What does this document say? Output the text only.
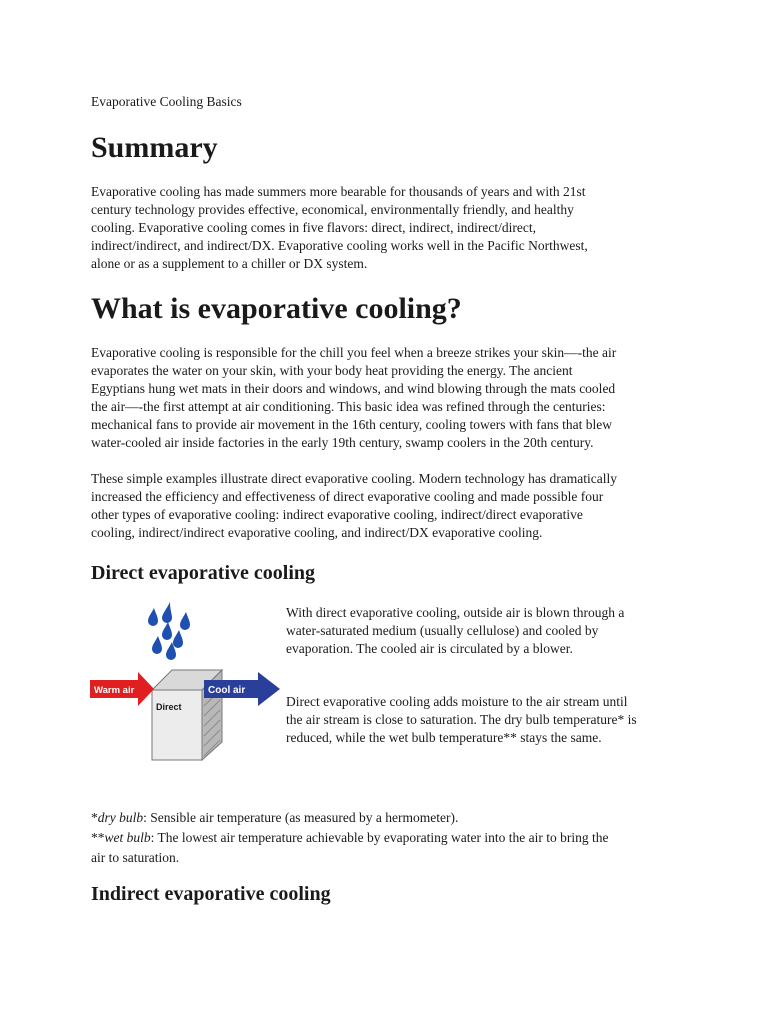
Evaporative Cooling Basics
Summary

Evaporative cooling has made summers more bearable for thousands of years and with 21st
century technology provides effective, economical, environmentally friendly, and healthy
cooling. Evaporative cooling comes in five flavors: direct, indirect, indirect/direct,
indirect/indirect, and indirect/DX. Evaporative cooling works well in the Pacific Northwest,
alone or as a supplement to a chiller or DX system.

What is evaporative cooling?

Evaporative cooling is responsible for the chill you feel when a breeze strikes your skin—-the air
evaporates the water on your skin, with your body heat providing the energy. The ancient
Egyptians hung wet mats in their doors and windows, and wind blowing through the mats cooled
the air—-the first attempt at air conditioning. This basic idea was refined through the centuries:
mechanical fans to provide air movement in the 16th century, cooling towers with fans that blew
water-cooled air inside factories in the early 19th century, swamp coolers in the 20th century.

These simple examples illustrate direct evaporative cooling. Modern technology has dramatically
increased the efficiency and effectiveness of direct evaporative cooling and made possible four
other types of evaporative cooling: indirect evaporative cooling, indirect/direct evaporative
cooling, indirect/indirect evaporative cooling, and indirect/DX evaporative cooling.

Direct evaporative cooling
Direct
Warm air	Cool air

With direct evaporative cooling, outside air is blown through a
water-saturated medium (usually cellulose) and cooled by
evaporation. The cooled air is circulated by a blower.

Direct evaporative cooling adds moisture to the air stream until
the air stream is close to saturation. The dry bulb temperature* is
reduced, while the wet bulb temperature** stays the same.

*dry bulb: Sensible air temperature (as measured by a hermometer).
**wet bulb: The lowest air temperature achievable by evaporating water into the air to bring the
air to saturation.
Indirect evaporative cooling
